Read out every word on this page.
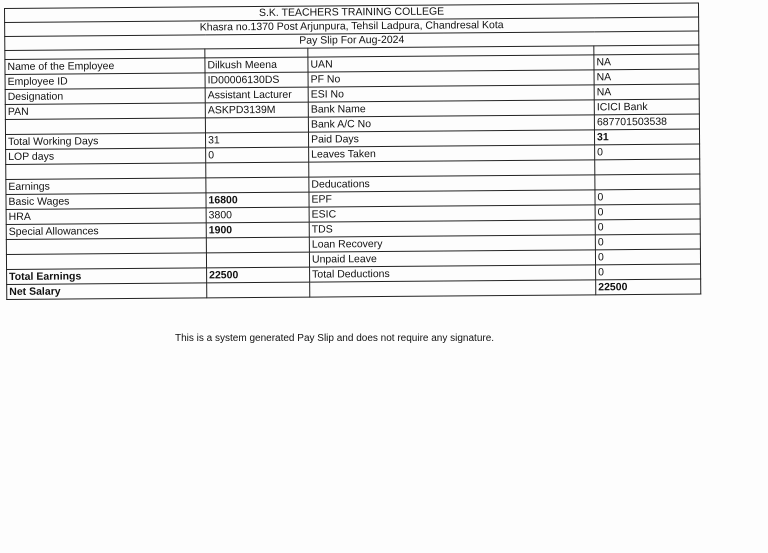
S.K. TEACHERS TRAINING COLLEGE			
Khasra no.1370 Post Arjunpura, Tehsil Ladpura, Chandresal Kota			
Pay Slip For Aug-2024			

Name of the Employee	Dilkush Meena	UAN	NA
Employee ID	ID00006130DS	PF No	NA
Designation	Assistant Lacturer	ESI No	NA
PAN	ASKPD3139M	Bank Name	ICICI Bank
		Bank A/C No	687701503538
Total Working Days	31	Paid Days	31
LOP days	0	Leaves Taken	0

Earnings		Deducations	
Basic Wages	16800	EPF	0
HRA	3800	ESIC	0
Special Allowances	1900	TDS	0
		Loan Recovery	0
		Unpaid Leave	0
Total Earnings	22500	Total Deductions	0
Net Salary			22500
This is a system generated Pay Slip and does not require any signature.
